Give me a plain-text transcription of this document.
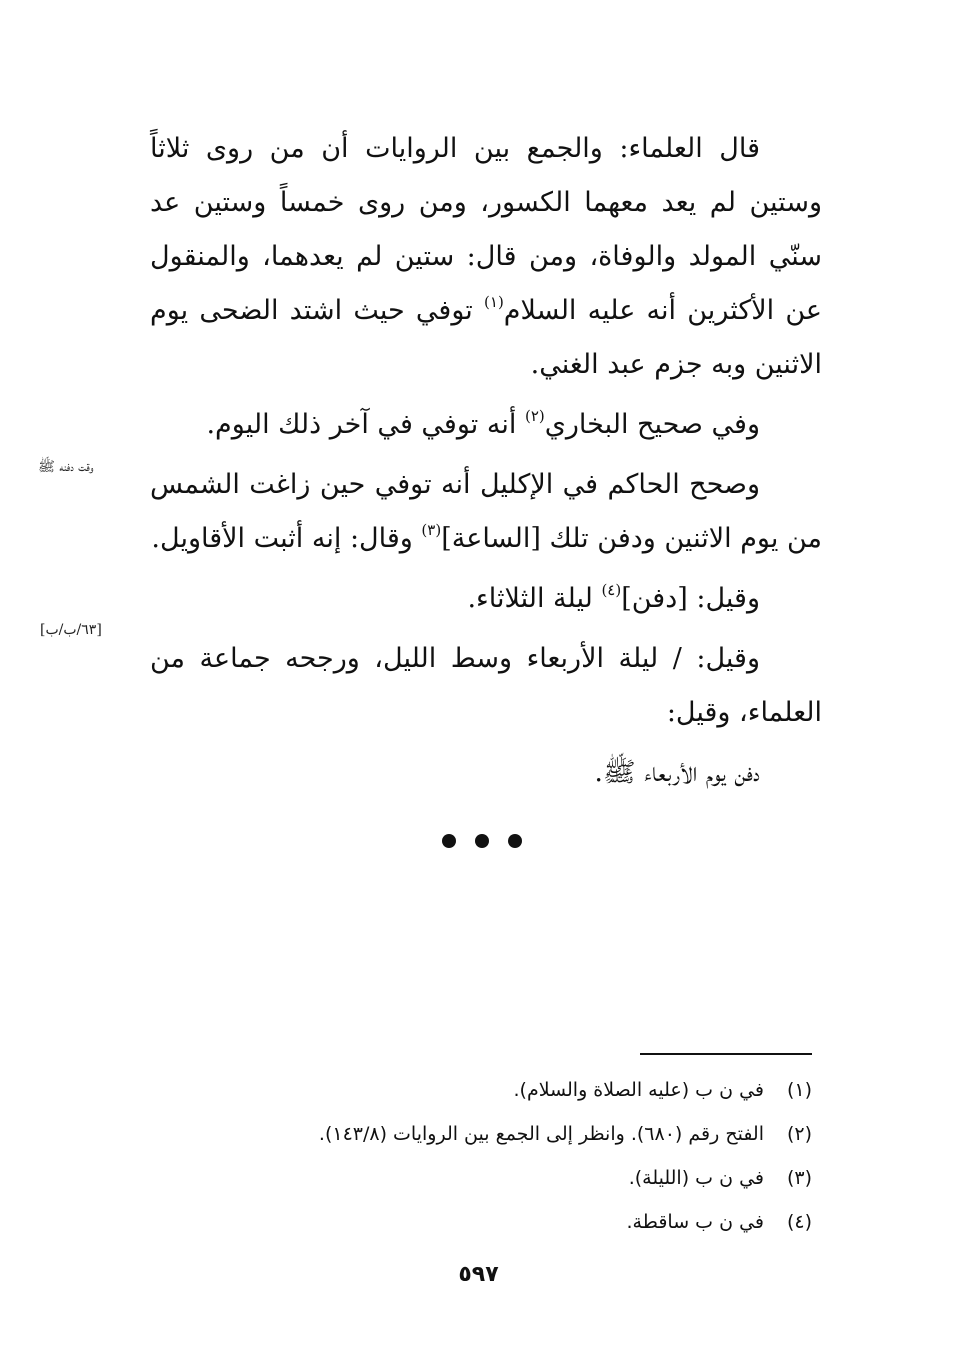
قال العلماء: والجمع بين الروايات أن من روى ثلاثاً وستين لم يعد معهما الكسور، ومن روى خمساً وستين عد سنّي المولد والوفاة، ومن قال: ستين لم يعدهما، والمنقول عن الأكثرين أنه عليه السلام$^{(١)}$ توفي حيث اشتد الضحى يوم الاثنين وبه جزم عبد الغني.

وفي صحيح البخاري$^{(٢)}$ أنه توفي في آخر ذلك اليوم.

وصحح الحاكم في الإكليل أنه توفي حين زاغت الشمس من يوم الاثنين ودفن تلك [الساعة]$^{(٣)}$ وقال: إنه أثبت الأقاويل.

وقيل: [دفن]$^{(٤)}$ ليلة الثلاثاء.

وقيل: / ليلة الأربعاء وسط الليل، ورجحه جماعة من العلماء، وقيل:

دفن يوم الأربعاء ﷺ.

وقت دفنه ﷺ
[٦٣/ب/ب]
(١)
في ن ب (عليه الصلاة والسلام).
(٢)
الفتح رقم (٦٨٠). وانظر إلى الجمع بين الروايات (١٤٣/٨).
(٣)
في ن ب (الليلة).
(٤)
في ن ب ساقطة.
٥٩٧
